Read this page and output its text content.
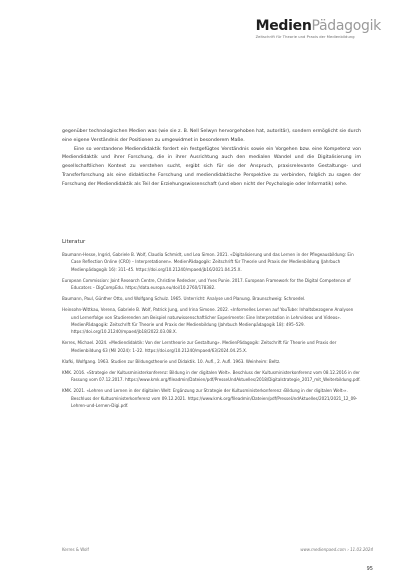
MedienPädagogik
Zeitschrift für Theorie und Praxis der Medienbildung

gegenüber technologischen Medien was (wie sie z. B. Nell Selwyn hervorgehoben hat, autoritär), sondern ermöglicht sie durch eine eigene Verständnis der Positionen zu umgewidmet in besonderem Maße.

Eine so verstandene Mediendidaktik fordert ein festgefügtes Verständnis sowie ein Vorgehen bzw. eine Kompetenz von Mediendidaktik und ihrer Forschung, die in ihrer Ausrichtung auch den medialen Wandel und die Digitalisierung im gesellschaftlichen Kontext zu verstehen sucht, ergibt sich für sie der Anspruch, praxisrelevante Gestaltungs- und Transferforschung als eine didaktische Forschung und mediendidaktische Perspektive zu verbinden, folglich zu sagen der Forschung der Mediendidaktik als Teil der Erziehungswissenschaft (und eben nicht der Psychologie oder Informatik) sehe.

Literatur
Baumann-Hesse, Ingrid, Gabriele B. Wolf, Claudia Schmidt, und Lea Simon. 2021. «Digitalisierung und das Lernen in der Pflegeausbildung: Ein Case Reflection Online (CRO) – Interpretationen». MedienPädagogik: Zeitschrift für Theorie und Praxis der Medienbildung (Jahrbuch Medienpädagogik 16): 311–45. https://doi.org/10.21240/mpaed/jb16/2021.04.25.X.
European Commission: Joint Research Centre, Christine Redecker, und Yves Punie. 2017. European Framework for the Digital Competence of Educators – DigCompEdu. https://data.europa.eu/doi/10.2760/178382.
Baumann, Paul, Günther Otto, und Wolfgang Schulz. 1965. Unterricht: Analyse und Planung. Braunschweig: Schroedel.
Heinsohn-Wittkau, Verena, Gabriele B. Wolf, Patrick Jung, und Irina Simone. 2022. «Informelles Lernen auf YouTube: Inhaltsbezogene Analysen und Lernerfolge von Studierenden am Beispiel naturwissenschaftlicher Experimente: Eine Interpretation in Lehrvideos und Videos». MedienPädagogik: Zeitschrift für Theorie und Praxis der Medienbildung (Jahrbuch Medienpädagogik 18): 495–529. https://doi.org/10.21240/mpaed/jb18/2022.03.08.X.
Kerres, Michael. 2024. «Mediendidaktik: Von der Lerntheorie zur Gestaltung». MedienPädagogik: Zeitschrift für Theorie und Praxis der Medienbildung 63 (Mil 2024): 1–22. https://doi.org/10.21240/mpaed/63/2024.04.25.X.
Klafki, Wolfgang. 1963. Studien zur Bildungstheorie und Didaktik. 10. Aufl., 2. Aufl. 1963. Weinheim: Beltz.
KMK. 2016. «Strategie der Kultusministerkonferenz: Bildung in der digitalen Welt». Beschluss der Kultusministerkonferenz vom 08.12.2016 in der Fassung vom 07.12.2017. https://www.kmk.org/fileadmin/Dateien/pdf/PresseUndAktuelles/2018/Digitalstrategie_2017_mit_Weiterbildung.pdf.
KMK. 2021. «Lehren und Lernen in der digitalen Welt: Ergänzung zur Strategie der Kultusministerkonferenz ‹Bildung in der digitalen Welt›». Beschluss der Kultusministerkonferenz vom 09.12.2021. https://www.kmk.org/fileadmin/Dateien/pdf/PresseUndAktuelles/2021/2021_12_09-Lehren-und-Lernen-Digi.pdf.
Kerres & Wolf	www.medienpaed.com › 11.03.2024
95
